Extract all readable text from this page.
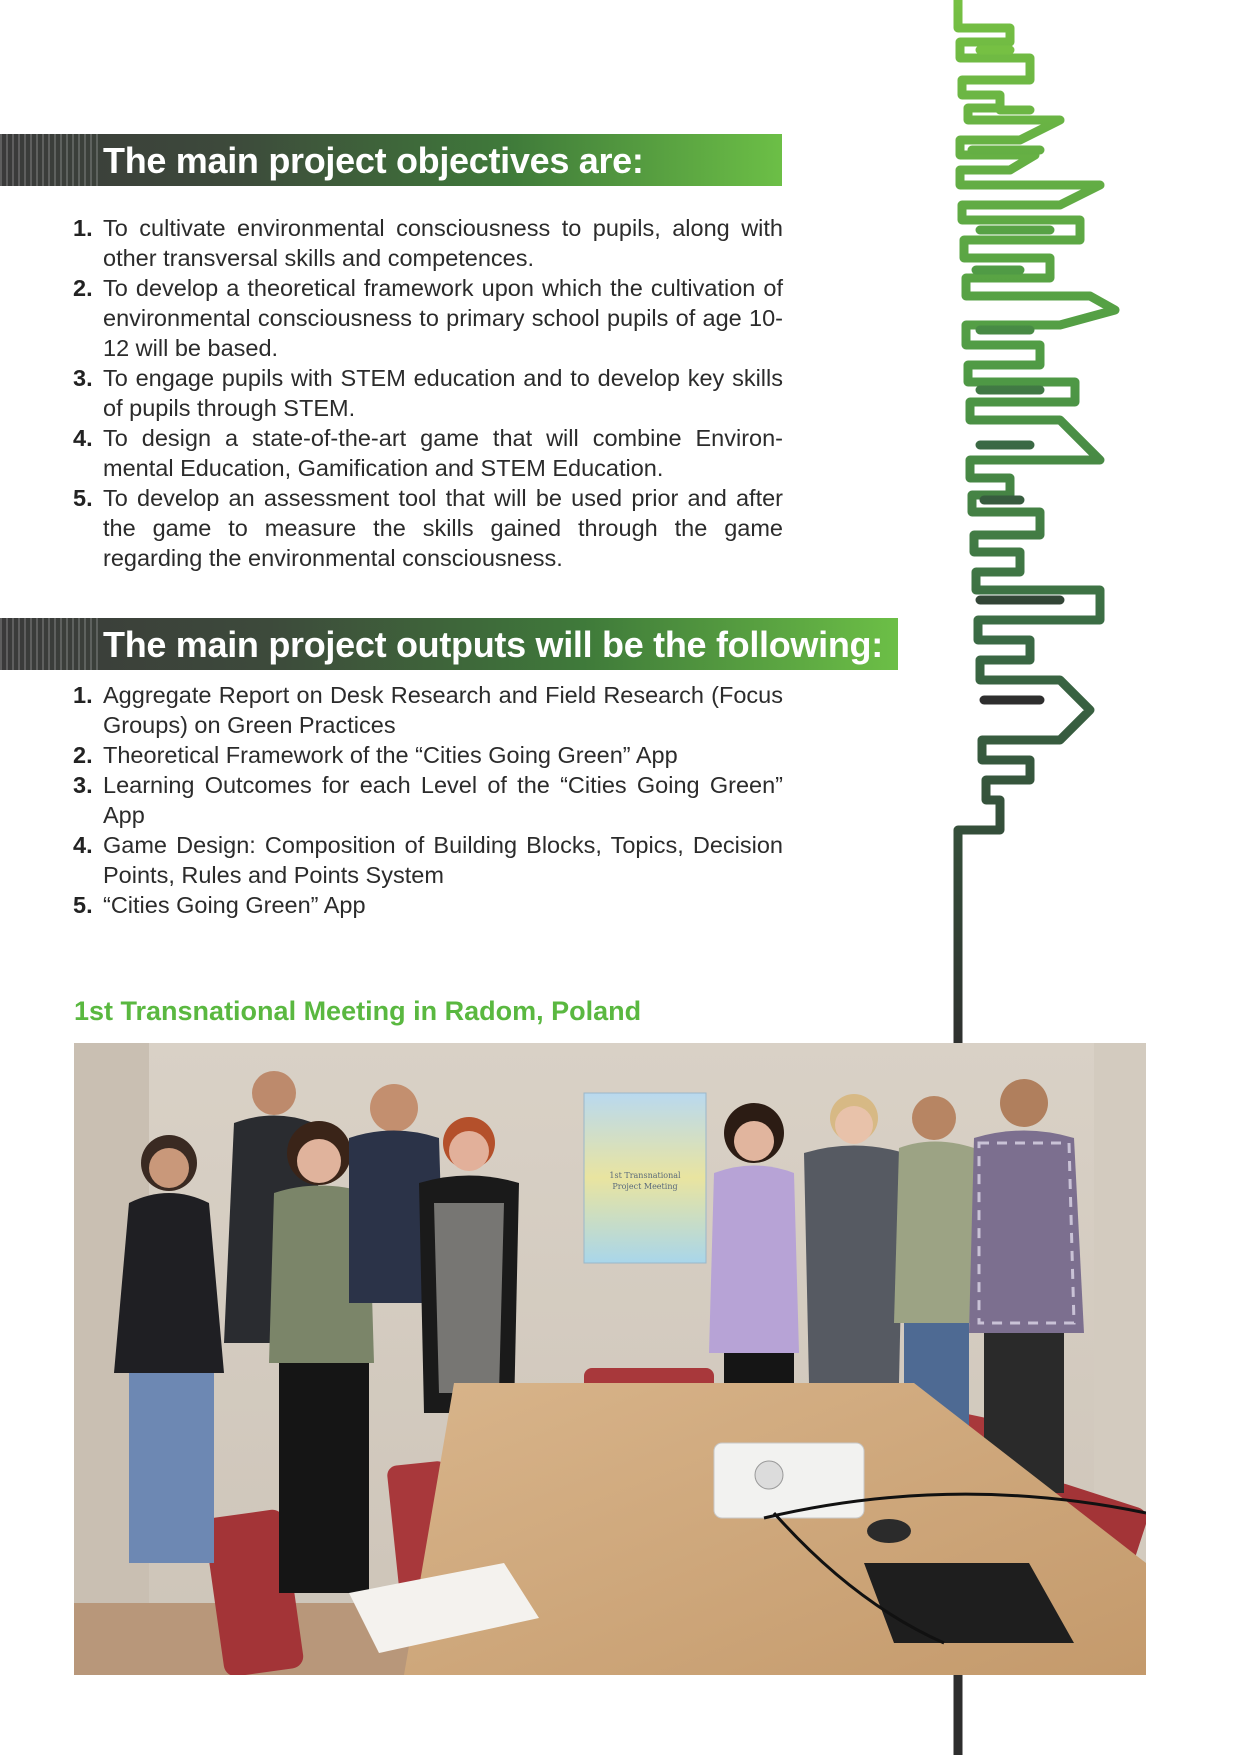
The main project objectives are:
1. To cultivate environmental consciousness to pupils, along with other transversal skills and competences.
2. To develop a theoretical framework upon which the cultivation of environmental consciousness to primary school pupils of age 10-12 will be based.
3. To engage pupils with STEM education and to develop key skills of pupils through STEM.
4. To design a state-of-the-art game that will combine Environ-mental Education, Gamification and STEM Education.
5. To develop an assessment tool that will be used prior and after the game to measure the skills gained through the game regarding the environmental consciousness.
The main project outputs will be the following:
1. Aggregate Report on Desk Research and Field Research (Focus Groups) on Green Practices
2. Theoretical Framework of the “Cities Going Green” App
3. Learning Outcomes for each Level of the “Cities Going Green” App
4. Game Design: Composition of Building Blocks, Topics, Decision Points, Rules and Points System
5. “Cities Going Green” App
1st Transnational Meeting in Radom, Poland
1st Transnational
Project Meeting
